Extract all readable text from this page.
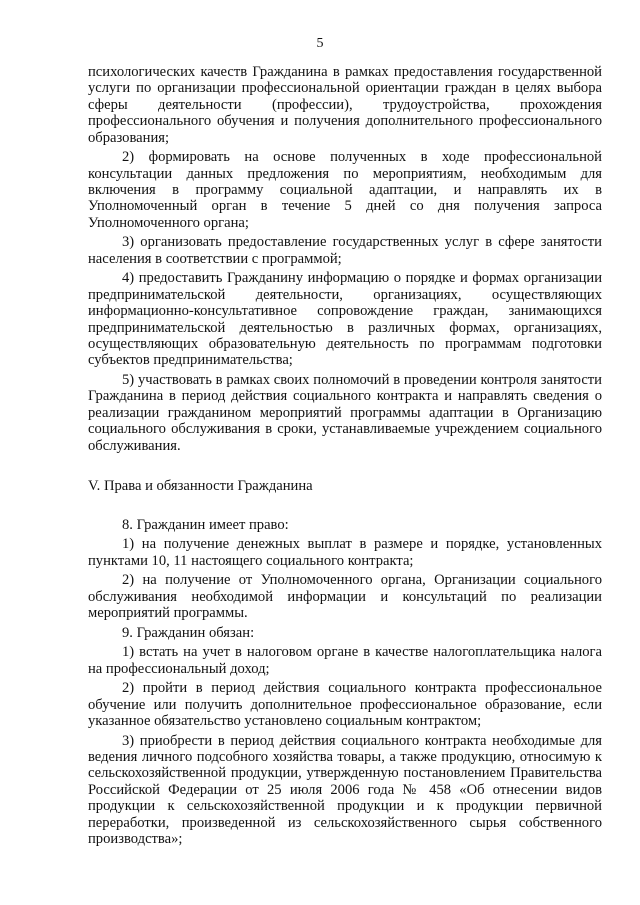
5

психологических качеств Гражданина в рамках предоставления государственной услуги по организации профессиональной ориентации граждан в целях выбора сферы деятельности (профессии), трудоустройства, прохождения профессионального обучения и получения дополнительного профессионального образования;

2) формировать на основе полученных в ходе профессиональной консультации данных предложения по мероприятиям, необходимым для включения в программу социальной адаптации, и направлять их в Уполномоченный орган в течение 5 дней со дня получения запроса Уполномоченного органа;

3) организовать предоставление государственных услуг в сфере занятости населения в соответствии с программой;

4) предоставить Гражданину информацию о порядке и формах организации предпринимательской деятельности, организациях, осуществляющих информационно-консультативное сопровождение граждан, занимающихся предпринимательской деятельностью в различных формах, организациях, осуществляющих образовательную деятельность по программам подготовки субъектов предпринимательства;

5) участвовать в рамках своих полномочий в проведении контроля занятости Гражданина в период действия социального контракта и направлять сведения о реализации гражданином мероприятий программы адаптации в Организацию социального обслуживания в сроки, устанавливаемые учреждением социального обслуживания.

V. Права и обязанности Гражданина

8. Гражданин имеет право:

1) на получение денежных выплат в размере и порядке, установленных пунктами 10, 11 настоящего социального контракта;

2) на получение от Уполномоченного органа, Организации социального обслуживания необходимой информации и консультаций по реализации мероприятий программы.

9. Гражданин обязан:

1) встать на учет в налоговом органе в качестве налогоплательщика налога на профессиональный доход;

2) пройти в период действия социального контракта профессиональное обучение или получить дополнительное профессиональное образование, если указанное обязательство установлено социальным контрактом;

3) приобрести в период действия социального контракта необходимые для ведения личного подсобного хозяйства товары, а также продукцию, относимую к сельскохозяйственной продукции, утвержденную постановлением Правительства Российской Федерации от 25 июля 2006 года № 458 «Об отнесении видов продукции к сельскохозяйственной продукции и к продукции первичной переработки, произведенной из сельскохозяйственного сырья собственного производства»;
